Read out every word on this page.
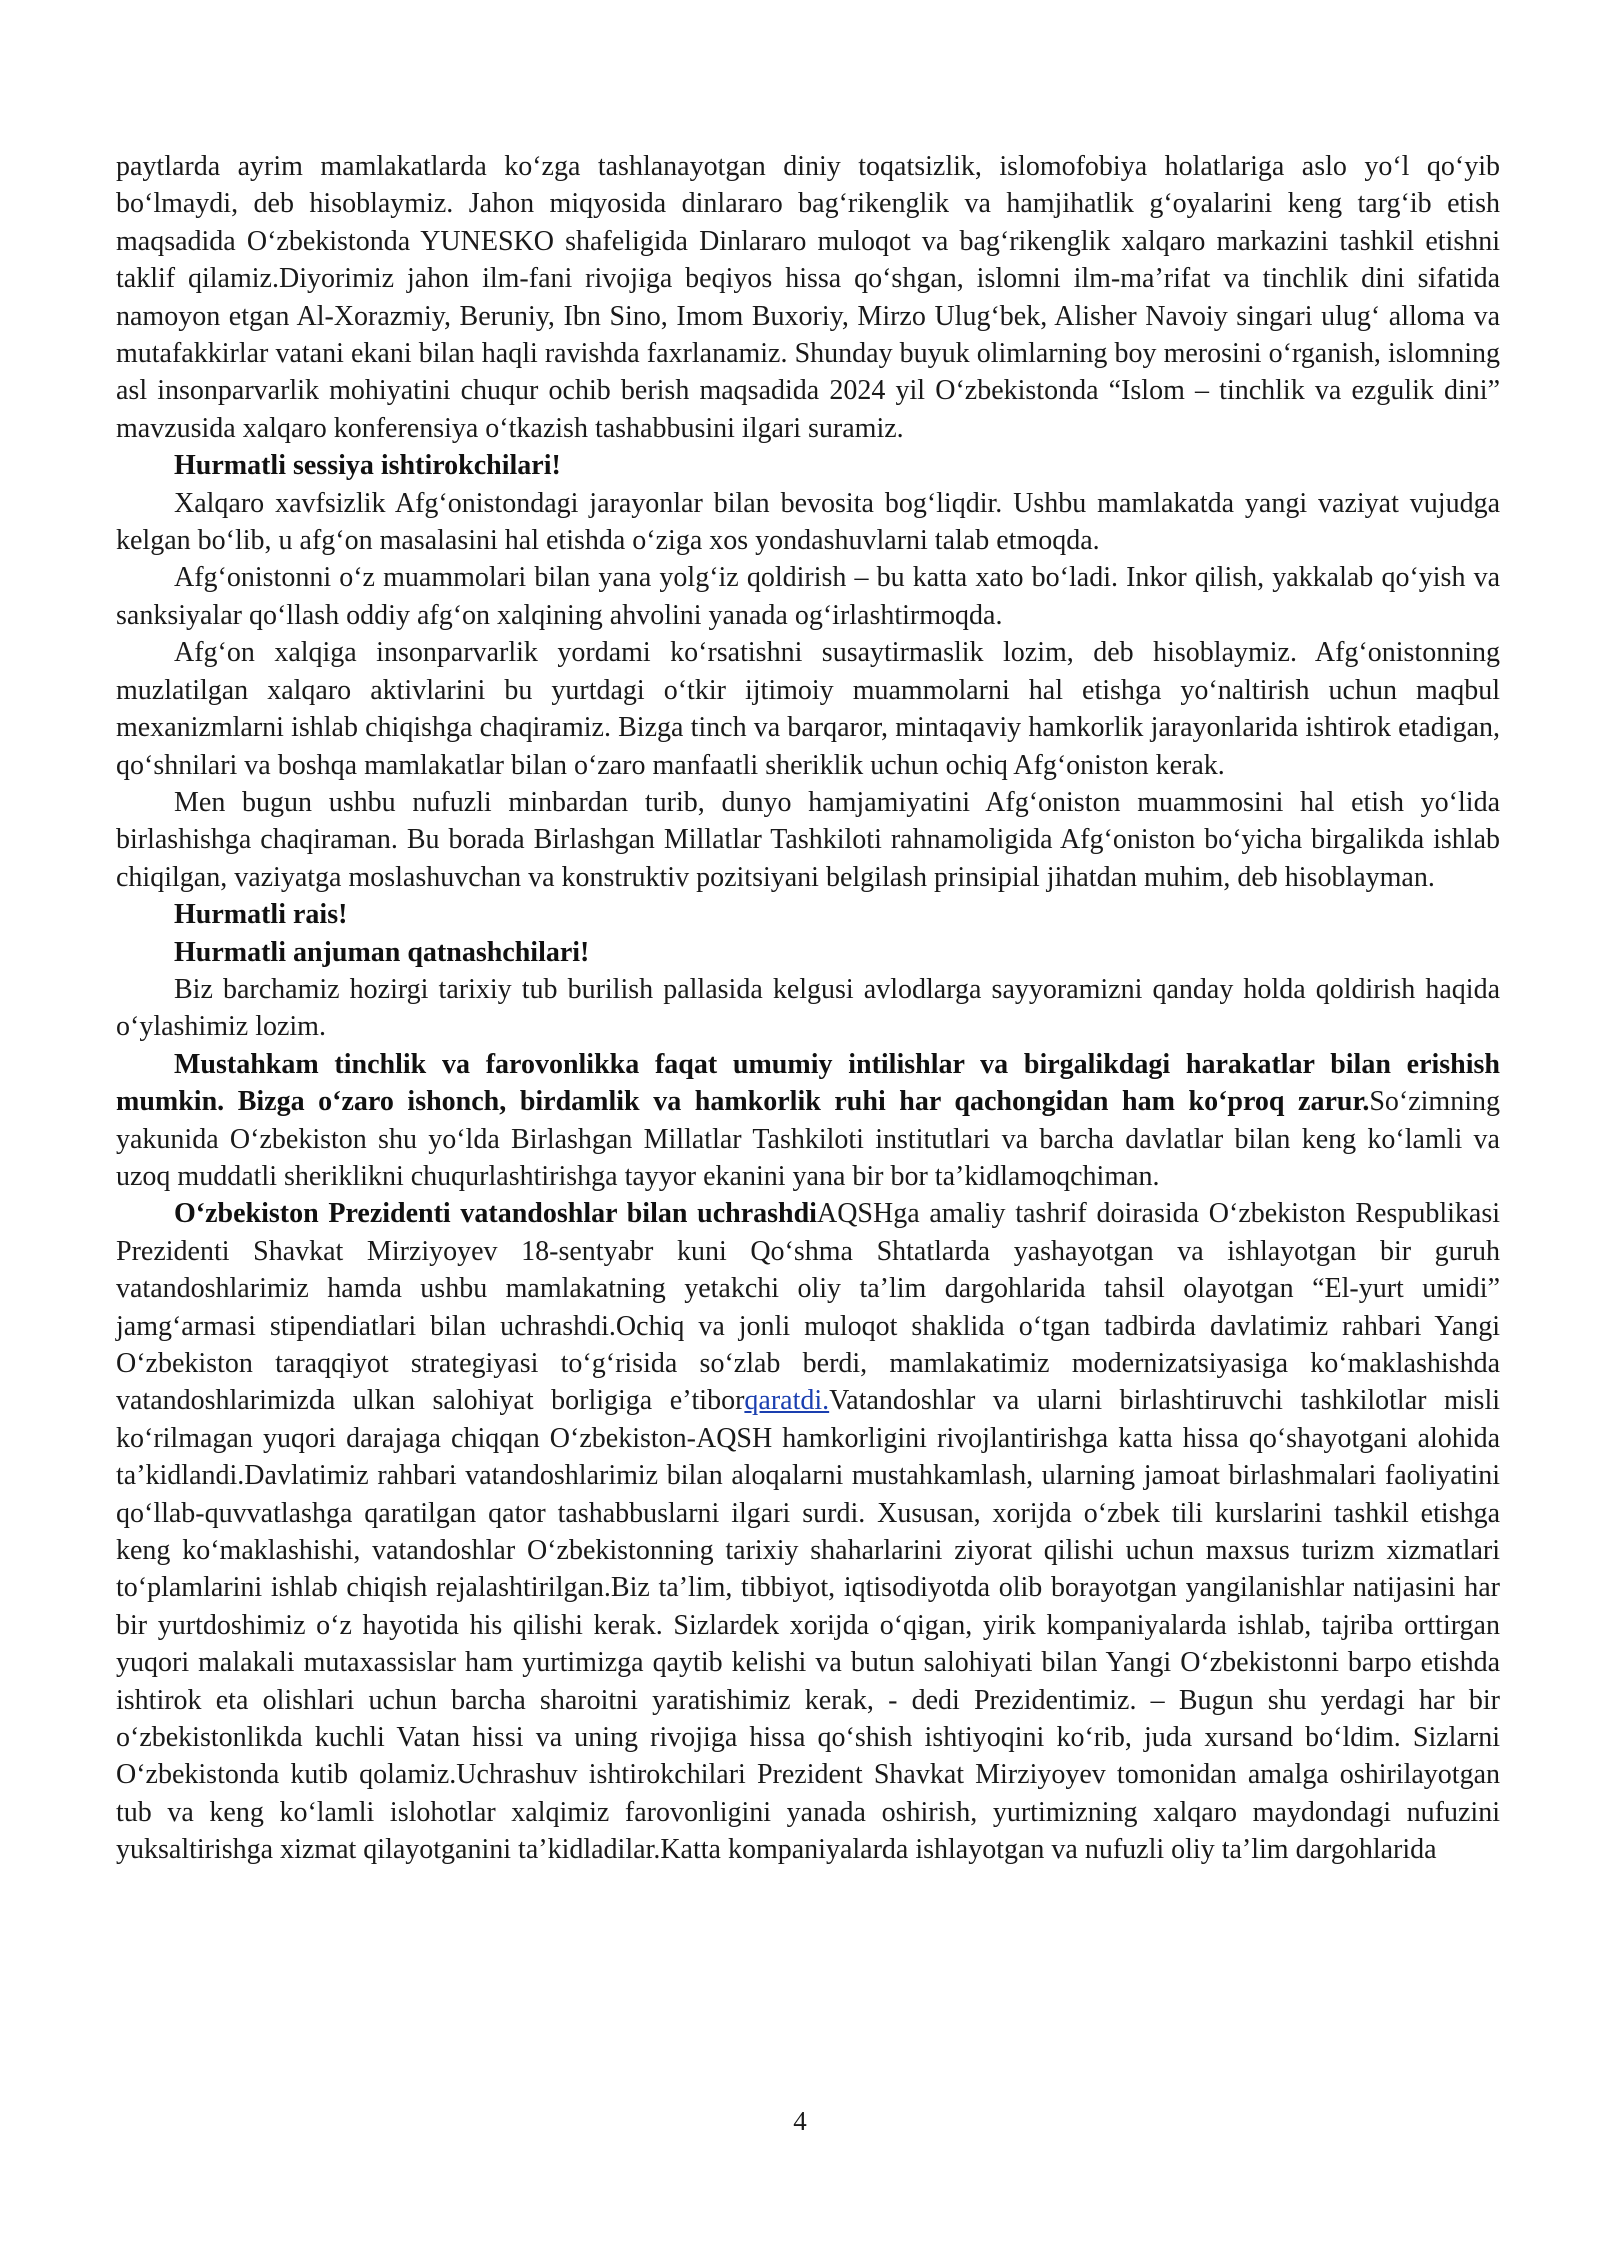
paytlarda ayrim mamlakatlarda koʻzga tashlanayotgan diniy toqatsizlik, islomofobiya holatlariga aslo yoʻl qoʻyib boʻlmaydi, deb hisoblaymiz. Jahon miqyosida dinlararo bagʻrikenglik va hamjihatlik gʻoyalarini keng targʻib etish maqsadida Oʻzbekistonda YUNESKO shafeligida Dinlararo muloqot va bagʻrikenglik xalqaro markazini tashkil etishni taklif qilamiz.Diyorimiz jahon ilm-fani rivojiga beqiyos hissa qoʻshgan, islomni ilm-maʼrifat va tinchlik dini sifatida namoyon etgan Al-Xorazmiy, Beruniy, Ibn Sino, Imom Buxoriy, Mirzo Ulugʻbek, Alisher Navoiy singari ulugʻ alloma va mutafakkirlar vatani ekani bilan haqli ravishda faxrlanamiz. Shunday buyuk olimlarning boy merosini oʻrganish, islomning asl insonparvarlik mohiyatini chuqur ochib berish maqsadida 2024 yil Oʻzbekistonda “Islom – tinchlik va ezgulik dini” mavzusida xalqaro konferensiya oʻtkazish tashabbusini ilgari suramiz.

Hurmatli sessiya ishtirokchilari!

Xalqaro xavfsizlik Afgʻonistondagi jarayonlar bilan bevosita bogʻliqdir. Ushbu mamlakatda yangi vaziyat vujudga kelgan boʻlib, u afgʻon masalasini hal etishda oʻziga xos yondashuvlarni talab etmoqda.

Afgʻonistonni oʻz muammolari bilan yana yolgʻiz qoldirish – bu katta xato boʻladi. Inkor qilish, yakkalab qoʻyish va sanksiyalar qoʻllash oddiy afgʻon xalqining ahvolini yanada ogʻirlashtirmoqda.

Afgʻon xalqiga insonparvarlik yordami koʻrsatishni susaytirmaslik lozim, deb hisoblaymiz. Afgʻonistonning muzlatilgan xalqaro aktivlarini bu yurtdagi oʻtkir ijtimoiy muammolarni hal etishga yoʻnaltirish uchun maqbul mexanizmlarni ishlab chiqishga chaqiramiz. Bizga tinch va barqaror, mintaqaviy hamkorlik jarayonlarida ishtirok etadigan, qoʻshnilari va boshqa mamlakatlar bilan oʻzaro manfaatli sheriklik uchun ochiq Afgʻoniston kerak.

Men bugun ushbu nufuzli minbardan turib, dunyo hamjamiyatini Afgʻoniston muammosini hal etish yoʻlida birlashishga chaqiraman. Bu borada Birlashgan Millatlar Tashkiloti rahnamoligida Afgʻoniston boʻyicha birgalikda ishlab chiqilgan, vaziyatga moslashuvchan va konstruktiv pozitsiyani belgilash prinsipial jihatdan muhim, deb hisoblayman.

Hurmatli rais!

Hurmatli anjuman qatnashchilari!

Biz barchamiz hozirgi tarixiy tub burilish pallasida kelgusi avlodlarga sayyoramizni qanday holda qoldirish haqida oʻylashimiz lozim.

Mustahkam tinchlik va farovonlikka faqat umumiy intilishlar va birgalikdagi harakatlar bilan erishish mumkin. Bizga oʻzaro ishonch, birdamlik va hamkorlik ruhi har qachongidan ham koʻproq zarur.Soʻzimning yakunida Oʻzbekiston shu yoʻlda Birlashgan Millatlar Tashkiloti institutlari va barcha davlatlar bilan keng koʻlamli va uzoq muddatli sheriklikni chuqurlashtirishga tayyor ekanini yana bir bor taʼkidlamoqchiman.

Oʻzbekiston Prezidenti vatandoshlar bilan uchrashdiAQSHga amaliy tashrif doirasida Oʻzbekiston Respublikasi Prezidenti Shavkat Mirziyoyev 18-sentyabr kuni Qoʻshma Shtatlarda yashayotgan va ishlayotgan bir guruh vatandoshlarimiz hamda ushbu mamlakatning yetakchi oliy taʼlim dargohlarida tahsil olayotgan “El-yurt umidi” jamgʻarmasi stipendiatlari bilan uchrashdi.Ochiq va jonli muloqot shaklida oʻtgan tadbirda davlatimiz rahbari Yangi Oʻzbekiston taraqqiyot strategiyasi toʻgʻrisida soʻzlab berdi, mamlakatimiz modernizatsiyasiga koʻmaklashishda vatandoshlarimizda ulkan salohiyat borligiga eʼtiborqaratdi.Vatandoshlar va ularni birlashtiruvchi tashkilotlar misli koʻrilmagan yuqori darajaga chiqqan Oʻzbekiston-AQSH hamkorligini rivojlantirishga katta hissa qoʻshayotgani alohida taʼkidlandi.Davlatimiz rahbari vatandoshlarimiz bilan aloqalarni mustahkamlash, ularning jamoat birlashmalari faoliyatini qoʻllab-quvvatlashga qaratilgan qator tashabbuslarni ilgari surdi. Xususan, xorijda oʻzbek tili kurslarini tashkil etishga keng koʻmaklashishi, vatandoshlar Oʻzbekistonning tarixiy shaharlarini ziyorat qilishi uchun maxsus turizm xizmatlari toʻplamlarini ishlab chiqish rejalashtirilgan.Biz taʼlim, tibbiyot, iqtisodiyotda olib borayotgan yangilanishlar natijasini har bir yurtdoshimiz oʻz hayotida his qilishi kerak. Sizlardek xorijda oʻqigan, yirik kompaniyalarda ishlab, tajriba orttirgan yuqori malakali mutaxassislar ham yurtimizga qaytib kelishi va butun salohiyati bilan Yangi Oʻzbekistonni barpo etishda ishtirok eta olishlari uchun barcha sharoitni yaratishimiz kerak, - dedi Prezidentimiz. – Bugun shu yerdagi har bir oʻzbekistonlikda kuchli Vatan hissi va uning rivojiga hissa qoʻshish ishtiyoqini koʻrib, juda xursand boʻldim. Sizlarni Oʻzbekistonda kutib qolamiz.Uchrashuv ishtirokchilari Prezident Shavkat Mirziyoyev tomonidan amalga oshirilayotgan tub va keng koʻlamli islohotlar xalqimiz farovonligini yanada oshirish, yurtimizning xalqaro maydondagi nufuzini yuksaltirishga xizmat qilayotganini taʼkidladilar.Katta kompaniyalarda ishlayotgan va nufuzli oliy taʼlim dargohlarida

4
